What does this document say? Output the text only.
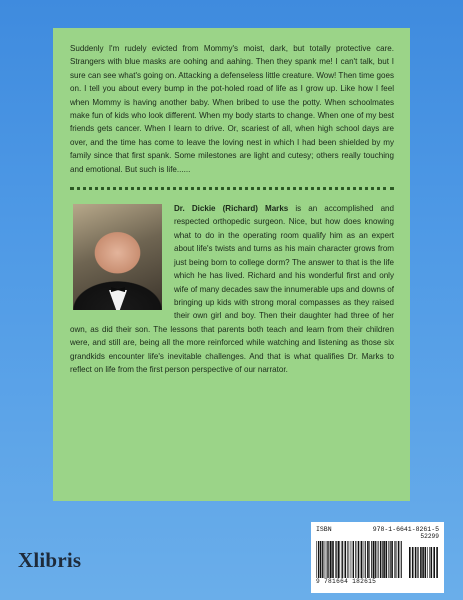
Suddenly I'm rudely evicted from Mommy's moist, dark, but totally protective care. Strangers with blue masks are oohing and aahing. Then they spank me! I can't talk, but I sure can see what's going on. Attacking a defenseless little creature. Wow! Then time goes on. I tell you about every bump in the pot-holed road of life as I grow up. Like how I feel when Mommy is having another baby. When bribed to use the potty. When schoolmates make fun of kids who look different. When my body starts to change. When one of my best friends gets cancer. When I learn to drive. Or, scariest of all, when high school days are over, and the time has come to leave the loving nest in which I had been shielded by my family since that first spank. Some milestones are light and cutesy; others really touching and emotional. But such is life......

Dr. Dickie (Richard) Marks is an accomplished and respected orthopedic surgeon. Nice, but how does knowing what to do in the operating room qualify him as an expert about life's twists and turns as his main character grows from just being born to college dorm? The answer to that is the life which he has lived. Richard and his wonderful first and only wife of many decades saw the innumerable ups and downs of bringing up kids with strong moral compasses as they raised their own girl and boy. Then their daughter had three of her own, as did their son. The lessons that parents both teach and learn from their children were, and still are, being all the more reinforced while watching and listening as those six grandkids encounter life's inevitable challenges. And that is what qualifies Dr. Marks to reflect on life from the first person perspective of our narrator.

Xlibris
ISBN	978-1-6641-8261-5
52299
9 781664 182615
